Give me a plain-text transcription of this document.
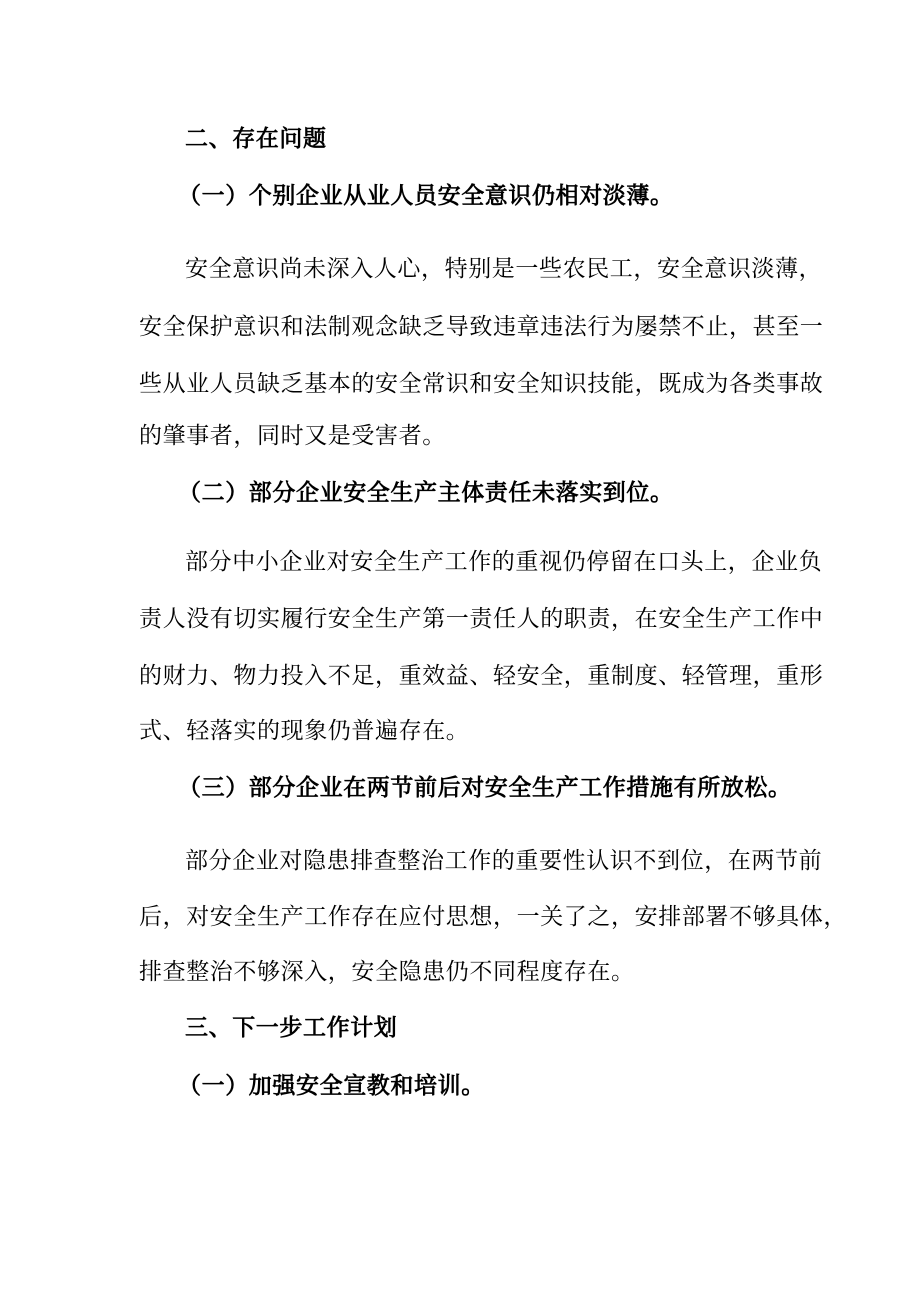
二、存在问题
（一）个别企业从业人员安全意识仍相对淡薄。
安全意识尚未深入人心，特别是一些农民工，安全意识淡薄，
安全保护意识和法制观念缺乏导致违章违法行为屡禁不止，甚至一
些从业人员缺乏基本的安全常识和安全知识技能，既成为各类事故
的肇事者，同时又是受害者。
（二）部分企业安全生产主体责任未落实到位。
部分中小企业对安全生产工作的重视仍停留在口头上，企业负
责人没有切实履行安全生产第一责任人的职责，在安全生产工作中
的财力、物力投入不足，重效益、轻安全，重制度、轻管理，重形
式、轻落实的现象仍普遍存在。
（三）部分企业在两节前后对安全生产工作措施有所放松。
部分企业对隐患排查整治工作的重要性认识不到位，在两节前
后，对安全生产工作存在应付思想，一关了之，安排部署不够具体，
排查整治不够深入，安全隐患仍不同程度存在。
三、下一步工作计划
（一）加强安全宣教和培训。
